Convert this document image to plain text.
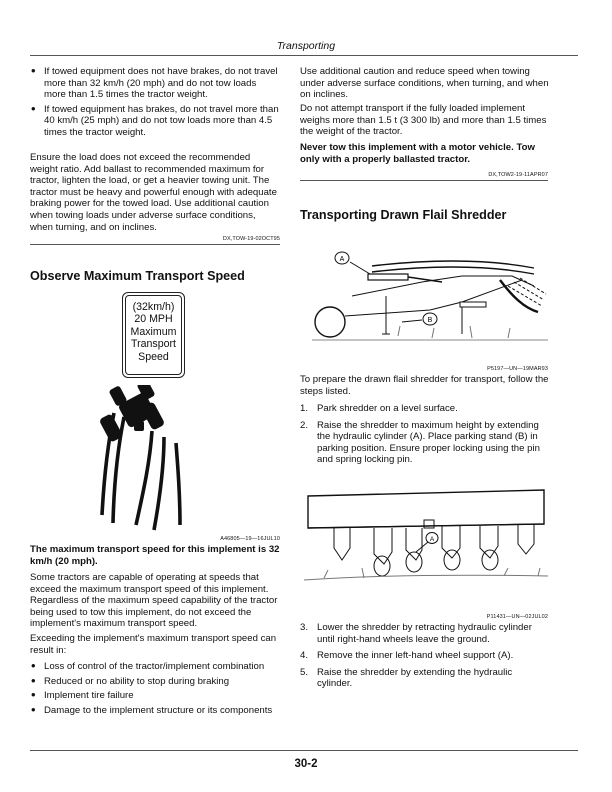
Transporting
• If towed equipment does not have brakes, do not travel more than 32 km/h (20 mph) and do not tow loads more than 1.5 times the tractor weight.
• If towed equipment has brakes, do not travel more than 40 km/h (25 mph) and do not tow loads more than 4.5 times the tractor weight.
Ensure the load does not exceed the recommended weight ratio. Add ballast to recommended maximum for tractor, lighten the load, or get a heavier towing unit. The tractor must be heavy and powerful enough with adequate braking power for the towed load. Use additional caution when towing loads under adverse surface conditions, when turning, and on inclines.
DX,TOW-19-02OCT95
Observe Maximum Transport Speed
(32km/h)
20 MPH
Maximum
Transport
Speed
A46805—19—16JUL10
The maximum transport speed for this implement is 32 km/h (20 mph).
Some tractors are capable of operating at speeds that exceed the maximum transport speed of this implement. Regardless of the maximum speed capability of the tractor being used to tow this implement, do not exceed the implement's maximum transport speed.
Exceeding the implement's maximum transport speed can result in:
• Loss of control of the tractor/implement combination
• Reduced or no ability to stop during braking
• Implement tire failure
• Damage to the implement structure or its components
Use additional caution and reduce speed when towing under adverse surface conditions, when turning, and when on inclines.
Do not attempt transport if the fully loaded implement weighs more than 1.5 t (3 300 lb) and more than 1.5 times the weight of the tractor.
Never tow this implement with a motor vehicle. Tow only with a properly ballasted tractor.
DX,TOW2-19-11APR07
Transporting Drawn Flail Shredder
A
B
P5197—UN—19MAR93
To prepare the drawn flail shredder for transport, follow the steps listed.
1. Park shredder on a level surface.
2. Raise the shredder to maximum height by extending the hydraulic cylinder (A). Place parking stand (B) in parking position. Ensure proper locking using the pin and spring locking pin.
A
P11431—UN—02JUL02
3. Lower the shredder by retracting hydraulic cylinder until right-hand wheels leave the ground.
4. Remove the inner left-hand wheel support (A).
5. Raise the shredder by extending the hydraulic cylinder.
30-2
